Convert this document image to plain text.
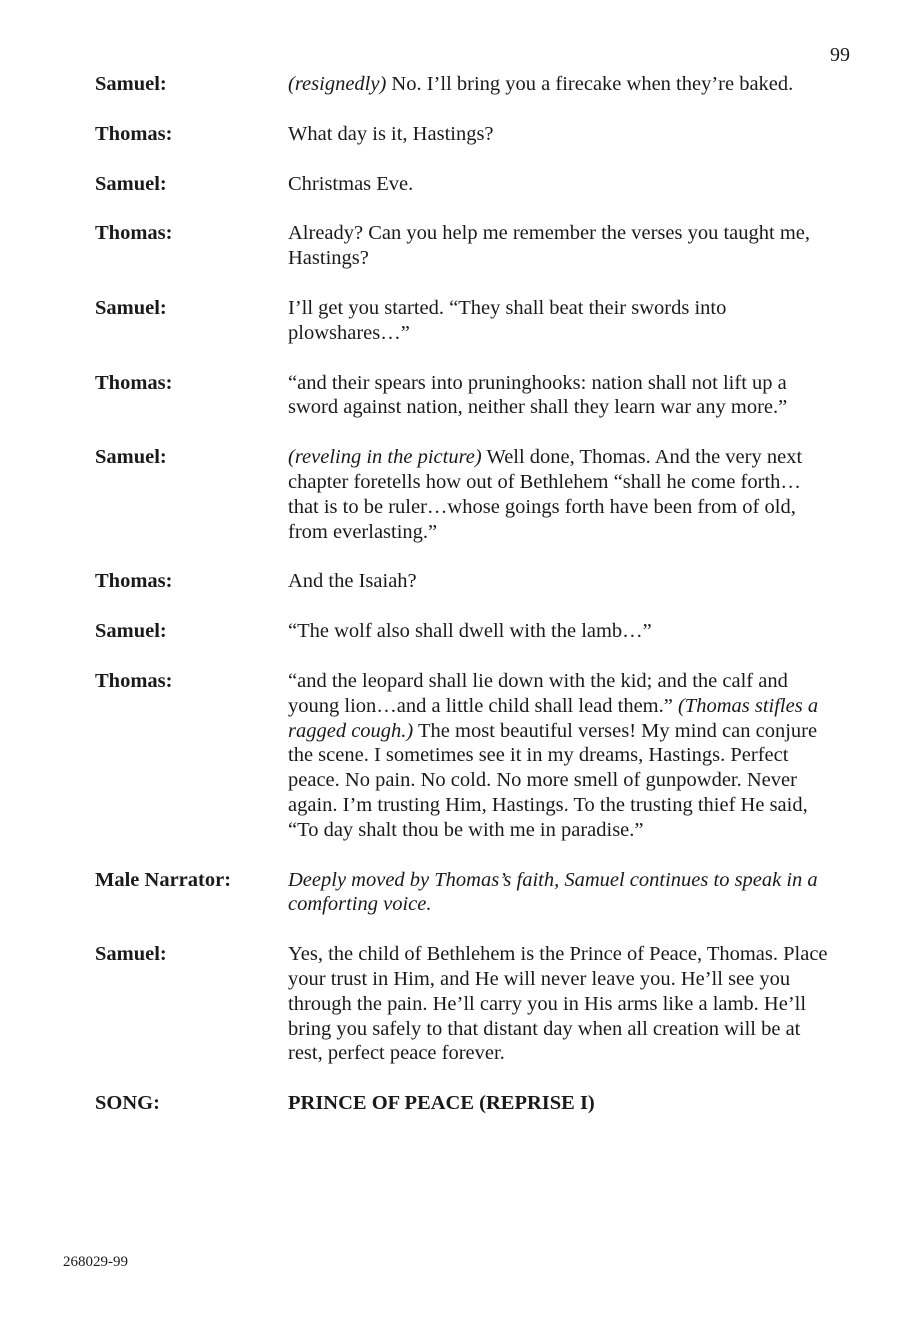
99
Samuel:	(resignedly) No. I’ll bring you a firecake when they’re baked.
Thomas:	What day is it, Hastings?
Samuel:	Christmas Eve.
Thomas:	Already? Can you help me remember the verses you taught me, Hastings?
Samuel:	I’ll get you started. “They shall beat their swords into plowshares…”
Thomas:	“and their spears into pruninghooks: nation shall not lift up a sword against nation, neither shall they learn war any more.”
Samuel:	(reveling in the picture) Well done, Thomas. And the very next chapter foretells how out of Bethlehem “shall he come forth…that is to be ruler…whose goings forth have been from of old, from everlasting.”
Thomas:	And the Isaiah?
Samuel:	“The wolf also shall dwell with the lamb…”
Thomas:	“and the leopard shall lie down with the kid; and the calf and young lion…and a little child shall lead them.” (Thomas stifles a ragged cough.) The most beautiful verses! My mind can conjure the scene. I sometimes see it in my dreams, Hastings. Perfect peace. No pain. No cold. No more smell of gunpowder. Never again. I’m trusting Him, Hastings. To the trusting thief He said, “To day shalt thou be with me in paradise.”
Male Narrator:	Deeply moved by Thomas’s faith, Samuel continues to speak in a comforting voice.
Samuel:	Yes, the child of Bethlehem is the Prince of Peace, Thomas. Place your trust in Him, and He will never leave you. He’ll see you through the pain. He’ll carry you in His arms like a lamb. He’ll bring you safely to that distant day when all creation will be at rest, perfect peace forever.
SONG:	PRINCE OF PEACE (REPRISE I)
268029-99
